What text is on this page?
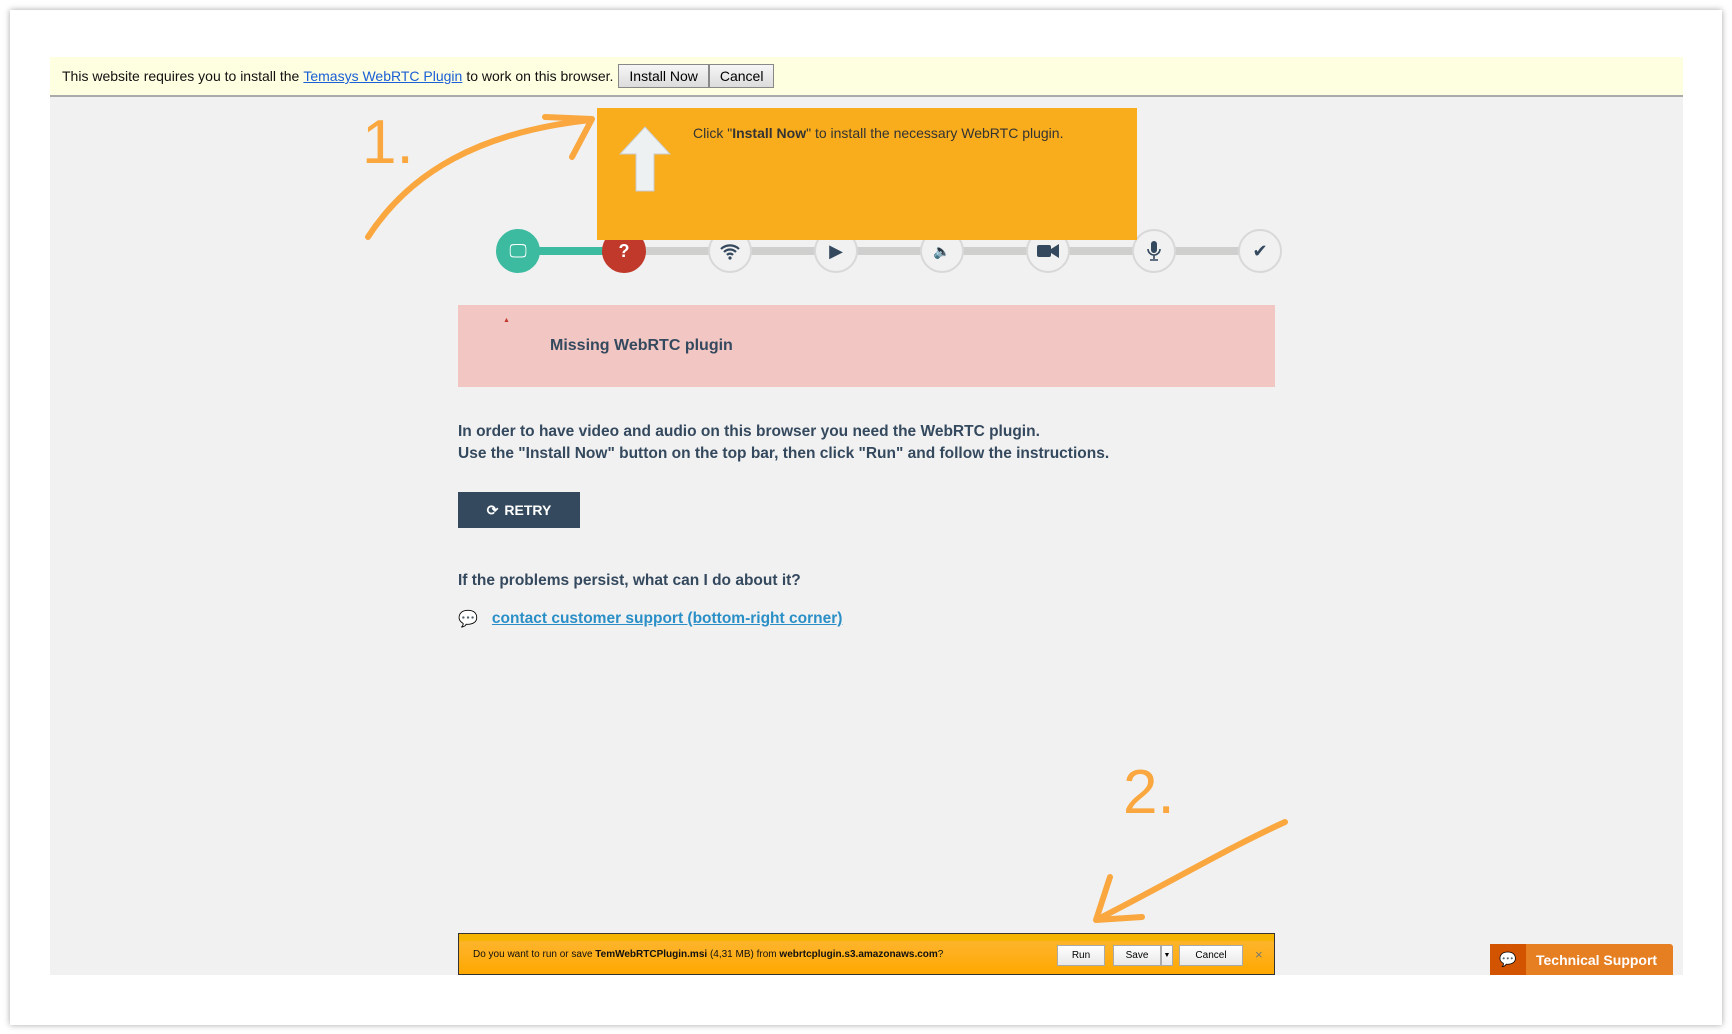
This website requires you to install the Temasys WebRTC Plugin to work on this browser.	Install Now	Cancel
1.
🖵	?	▶	🔈	✔
Click "Install Now" to install the necessary WebRTC plugin.
▲
Missing WebRTC plugin
In order to have video and audio on this browser you need the WebRTC plugin.
Use the "Install Now" button on the top bar, then click "Run" and follow the instructions.
⟳ RETRY
If the problems persist, what can I do about it?
💬 contact customer support (bottom-right corner)
2.
Do you want to run or save TemWebRTCPlugin.msi (4,31 MB) from webrtcplugin.s3.amazonaws.com ?	Run	Save	▼	Cancel	×	💬	Technical Support
